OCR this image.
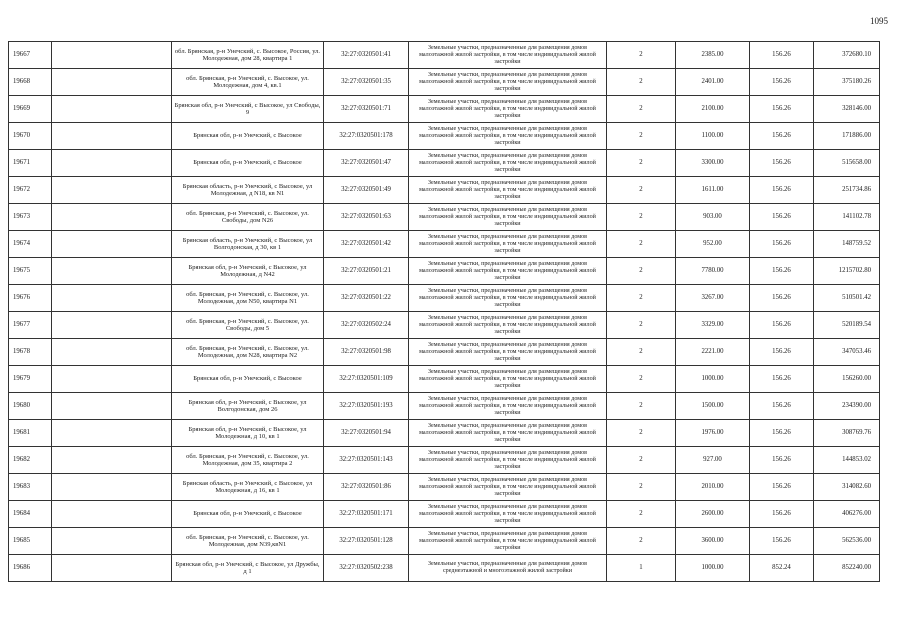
1095
19667		обл. Брянская, р-н Унечский, с. Высокое, Россия, ул. Молодежная, дом 28, квартира 1	32:27:0320501:41	Земельные участки, предназначенные для размещения домов малоэтажной жилой застройки, в том числе индивидуальной жилой застройки	2	2385.00	156.26	372680.10
19668		обл. Брянская, р-н Унечский, с. Высокое, ул. Молодежная, дом 4, кв.1	32:27:0320501:35	Земельные участки, предназначенные для размещения домов малоэтажной жилой застройки, в том числе индивидуальной жилой застройки	2	2401.00	156.26	375180.26
19669		Брянская обл, р-н Унечский, с Высокое, ул Свободы, 9	32:27:0320501:71	Земельные участки, предназначенные для размещения домов малоэтажной жилой застройки, в том числе индивидуальной жилой застройки	2	2100.00	156.26	328146.00
19670		Брянская обл, р-н Унечский, с Высокое	32:27:0320501:178	Земельные участки, предназначенные для размещения домов малоэтажной жилой застройки, в том числе индивидуальной жилой застройки	2	1100.00	156.26	171886.00
19671		Брянская обл, р-н Унечский, с Высокое	32:27:0320501:47	Земельные участки, предназначенные для размещения домов малоэтажной жилой застройки, в том числе индивидуальной жилой застройки	2	3300.00	156.26	515658.00
19672		Брянская область, р-н Унечский, с Высокое, ул Молодежная, д N18, кв N1	32:27:0320501:49	Земельные участки, предназначенные для размещения домов малоэтажной жилой застройки, в том числе индивидуальной жилой застройки	2	1611.00	156.26	251734.86
19673		обл. Брянская, р-н Унечский, с. Высокое, ул. Свободы, дом N26	32:27:0320501:63	Земельные участки, предназначенные для размещения домов малоэтажной жилой застройки, в том числе индивидуальной жилой застройки	2	903.00	156.26	141102.78
19674		Брянская область, р-н Унечский, с Высокое, ул Волгодонская, д 30, кв 1	32:27:0320501:42	Земельные участки, предназначенные для размещения домов малоэтажной жилой застройки, в том числе индивидуальной жилой застройки	2	952.00	156.26	148759.52
19675		Брянская обл, р-н Унечский, с Высокое, ул Молодежная, д N42	32:27:0320501:21	Земельные участки, предназначенные для размещения домов малоэтажной жилой застройки, в том числе индивидуальной жилой застройки	2	7780.00	156.26	1215702.80
19676		обл. Брянская, р-н Унечский, с. Высокое, ул. Молодежная, дом N50, квартира N1	32:27:0320501:22	Земельные участки, предназначенные для размещения домов малоэтажной жилой застройки, в том числе индивидуальной жилой застройки	2	3267.00	156.26	510501.42
19677		обл. Брянская, р-н Унечский, с. Высокое, ул. Свободы, дом 5	32:27:0320502:24	Земельные участки, предназначенные для размещения домов малоэтажной жилой застройки, в том числе индивидуальной жилой застройки	2	3329.00	156.26	520189.54
19678		обл. Брянская, р-н Унечский, с. Высокое, ул. Молодежная, дом N28, квартира N2	32:27:0320501:98	Земельные участки, предназначенные для размещения домов малоэтажной жилой застройки, в том числе индивидуальной жилой застройки	2	2221.00	156.26	347053.46
19679		Брянская обл, р-н Унечский, с Высокое	32:27:0320501:109	Земельные участки, предназначенные для размещения домов малоэтажной жилой застройки, в том числе индивидуальной жилой застройки	2	1000.00	156.26	156260.00
19680		Брянская обл, р-н Унечский, с Высокое, ул Волгодонская, дом 26	32:27:0320501:193	Земельные участки, предназначенные для размещения домов малоэтажной жилой застройки, в том числе индивидуальной жилой застройки	2	1500.00	156.26	234390.00
19681		Брянская обл, р-н Унечский, с Высокое, ул Молодежная, д 10, кв 1	32:27:0320501:94	Земельные участки, предназначенные для размещения домов малоэтажной жилой застройки, в том числе индивидуальной жилой застройки	2	1976.00	156.26	308769.76
19682		обл. Брянская, р-н Унечский, с. Высокое, ул. Молодежная, дом 35, квартира 2	32:27:0320501:143	Земельные участки, предназначенные для размещения домов малоэтажной жилой застройки, в том числе индивидуальной жилой застройки	2	927.00	156.26	144853.02
19683		Брянская область, р-н Унечский, с Высокое, ул Молодежная, д 16, кв 1	32:27:0320501:86	Земельные участки, предназначенные для размещения домов малоэтажной жилой застройки, в том числе индивидуальной жилой застройки	2	2010.00	156.26	314082.60
19684		Брянская обл, р-н Унечский, с Высокое	32:27:0320501:171	Земельные участки, предназначенные для размещения домов малоэтажной жилой застройки, в том числе индивидуальной жилой застройки	2	2600.00	156.26	406276.00
19685		обл. Брянская, р-н Унечский, с. Высокое, ул. Молодежная, дом N39,квN1	32:27:0320501:128	Земельные участки, предназначенные для размещения домов малоэтажной жилой застройки, в том числе индивидуальной жилой застройки	2	3600.00	156.26	562536.00
19686		Брянская обл, р-н Унечский, с Высокое, ул Дружбы, д 1	32:27:0320502:238	Земельные участки, предназначенные для размещения домов среднеэтажной и многоэтажной жилой застройки	1	1000.00	852.24	852240.00
